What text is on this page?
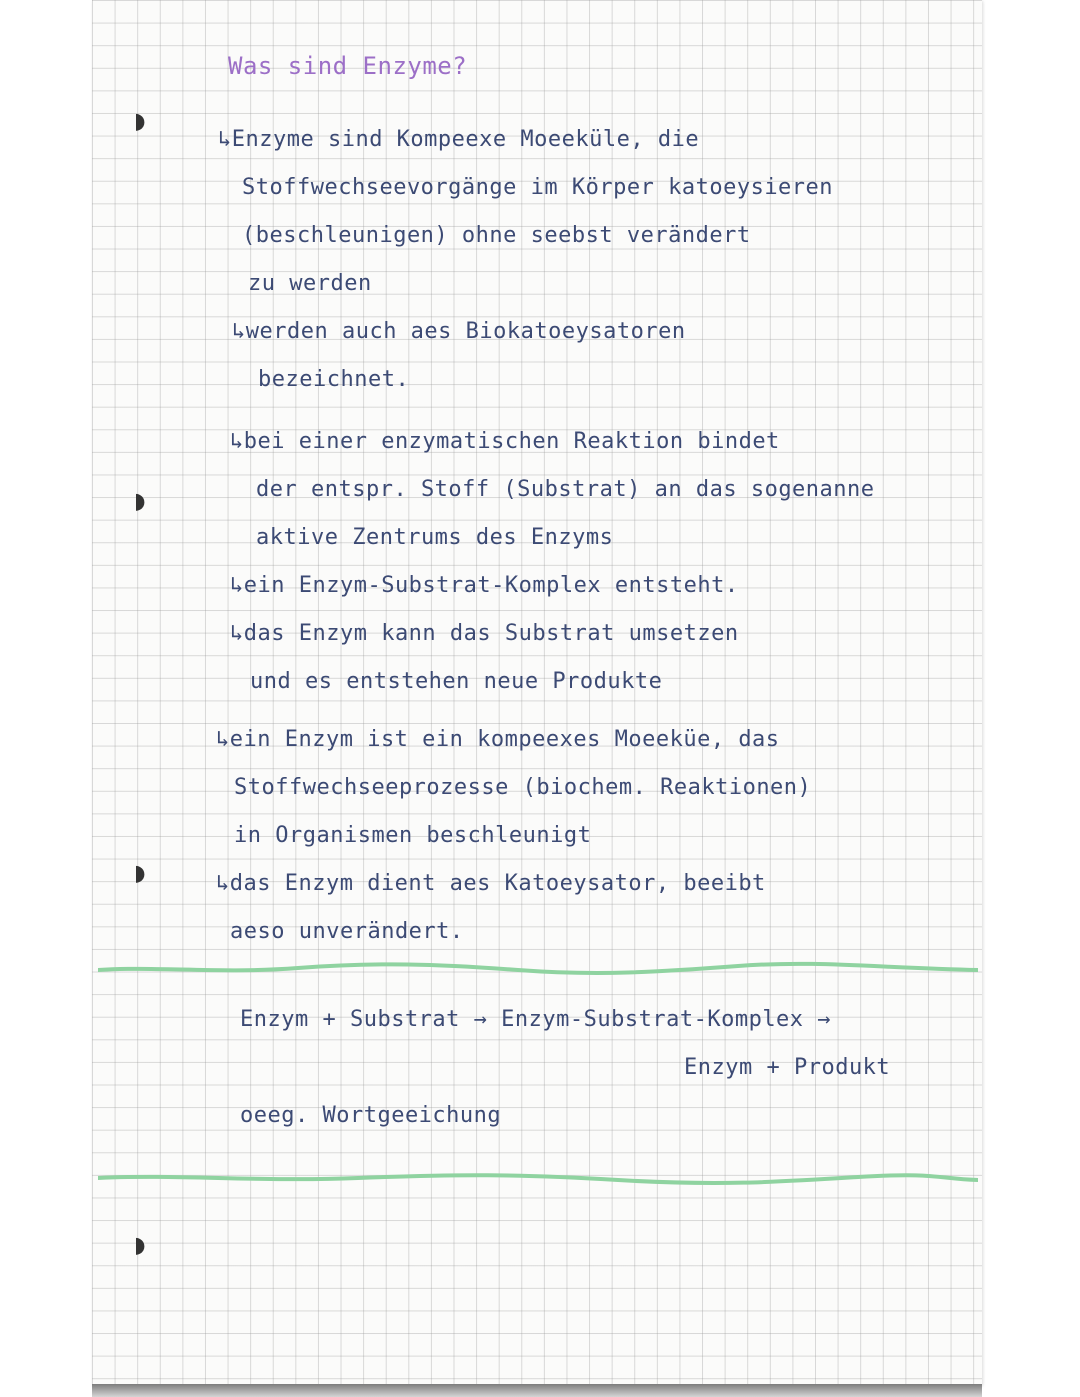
◗
◗
◗
◗
Was sind Enzyme?
↳Enzyme sind Kompeexe Moeeküle, die
Stoffwechseevorgänge im Körper katoeysieren
(beschleunigen) ohne seebst verändert
zu werden
↳werden auch aes Biokatoeysatoren
bezeichnet.
↳bei einer enzymatischen Reaktion bindet
der entspr. Stoff (Substrat) an das sogenanne
aktive Zentrums des Enzyms
↳ein Enzym-Substrat-Komplex entsteht.
↳das Enzym kann das Substrat umsetzen
und es entstehen neue Produkte
↳ein Enzym ist ein kompeexes Moeeküe, das
Stoffwechseeprozesse (biochem. Reaktionen)
in Organismen beschleunigt
↳das Enzym dient aes Katoeysator, beeibt
aeso unverändert.
Enzym + Substrat → Enzym-Substrat-Komplex →
Enzym + Produkt
oeeg. Wortgeeichung
